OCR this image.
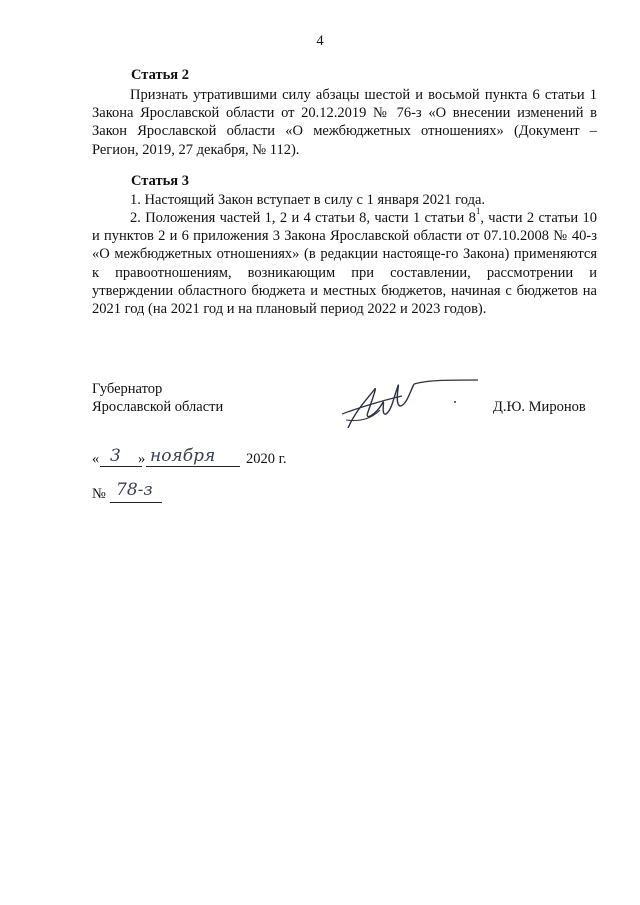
4
Статья 2

Признать утратившими силу абзацы шестой и восьмой пункта 6 статьи 1 Закона Ярославской области от 20.12.2019 № 76-з «О внесении изменений в Закон Ярославской области «О межбюджетных отношениях» (Документ – Регион, 2019, 27 декабря, № 112).

Статья 3

1. Настоящий Закон вступает в силу с 1 января 2021 года.

2. Положения частей 1, 2 и 4 статьи 8, части 1 статьи $8^1$, части 2 статьи 10 и пунктов 2 и 6 приложения 3 Закона Ярославской области от 07.10.2008 № 40-з «О межбюджетных отношениях» (в редакции настояще-го Закона) применяются к правоотношениям, возникающим при составлении, рассмотрении и утверждении областного бюджета и местных бюджетов, начиная с бюджетов на 2021 год (на 2021 год и на плановый период 2022 и 2023 годов).

Губернатор
Ярославской области	Д.Ю. Миронов
« 3 » ноября 2020 г.
№ 78-з
